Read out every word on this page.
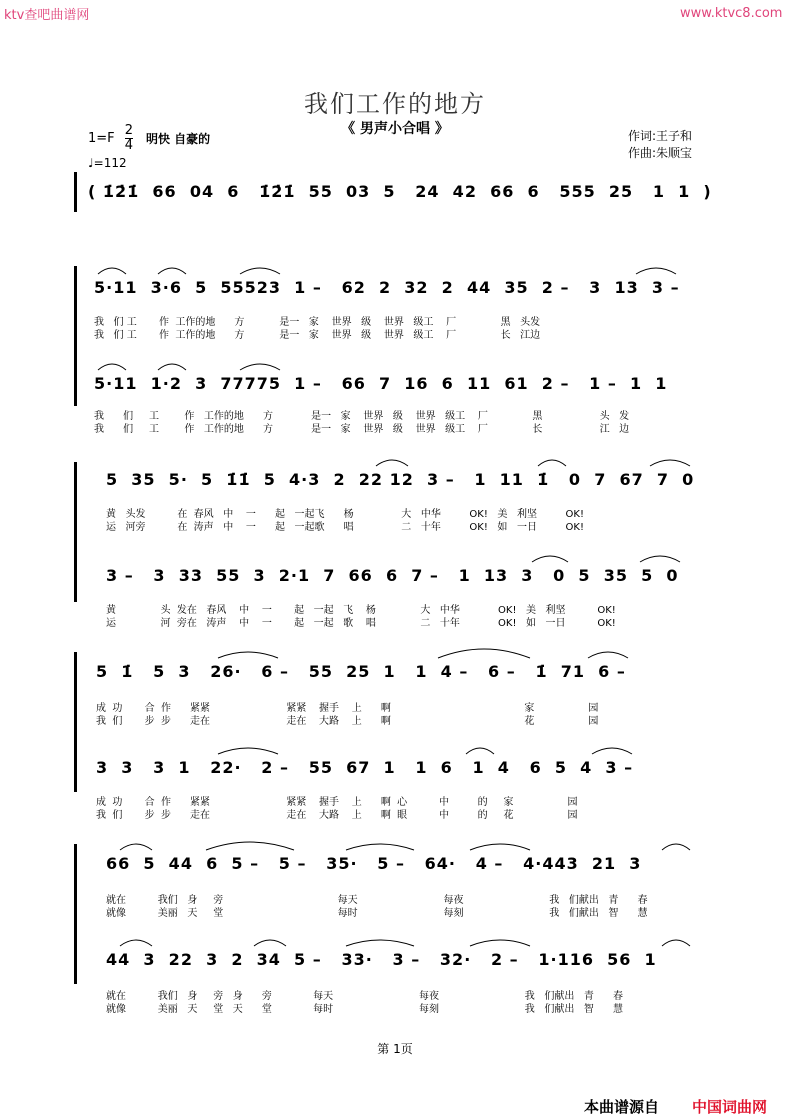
ktv查吧曲谱网	www.ktvc8.com
我们工作的地方
《 男声小合唱 》
$1=F \frac{2}{4}$ 明快 自豪的
♩=112
作词:王子和
作曲:朱顺宝
( 1̇2̇1̇  66  04  6   1̇2̇1̇  55  03  5   24  42  66  6   555  25   1  1  )
5·11  3·6  5  55523  1 –   62  2  32  2  44  35  2 –   3  13  3 –
我   们 工       作  工作的地      方           是一   家    世界   级    世界   级工    厂              黑   头发
我   们 工       作  工作的地      方           是一   家    世界   级    世界   级工    厂              长   江边
5·11  1·2  3  77775  1 –   66  7  16  6  11  61  2 –   1 –  1  1
我      们     工        作   工作的地      方            是一   家    世界   级    世界   级工    厂              黑                  头   发
我      们     工        作   工作的地      方            是一   家    世界   级    世界   级工    厂              长                  江   边
5  35  5·  5  1̇1̇  5  4·3  2  22 12  3 –   1  11  1̇   0  7  67  7  0
黄   头发          在  春风   中    一      起   一起飞      杨               大   中华         OK!   美   利坚         OK!
运   河旁          在  涛声   中    一      起   一起歌      唱               二   十年         OK!   如   一日         OK!
3 –   3  33  55  3  2·1  7  66  6  7 –   1  13  3   0  5  35  5  0
黄              头  发在   春风    中    一       起   一起   飞    杨              大   中华            OK!   美   利坚          OK!
运              河  旁在   涛声    中    一       起   一起   歌    唱              二   十年            OK!   如   一日          OK!
5  1̇   5  3   26·   6 –   55  25  1   1  4 –   6 –   1̇  71  6 –
成  功       合  作      紧紧                        紧紧    握手    上      啊                                          家                 园
我  们       步  步      走在                        走在    大路    上      啊                                          花                 园
3  3   3  1   22·   2 –   55  67  1   1  6   1  4   6  5  4  3 –
成  功       合  作      紧紧                        紧紧    握手    上      啊  心          中         的     家                 园
我  们       步  步      走在                        走在    大路    上      啊  眼          中         的     花                 园
66  5  44  6  5 –   5 –   35·   5 –   64·   4 –   4·443  21  3
就在          我们   身     旁                                    每天                           每夜                           我   们献出   青      春
就像          美丽   天     堂                                    每时                           每刻                           我   们献出   智      慧
44  3  22  3  2  34  5 –   33·   3 –   32·   2 –   1·116  56  1
就在          我们   身     旁   身      旁             每天                           每夜                           我   们献出   青      春
就像          美丽   天     堂   天      堂             每时                           每刻                           我   们献出   智      慧
第 1页
本曲谱源自 中国词曲网
